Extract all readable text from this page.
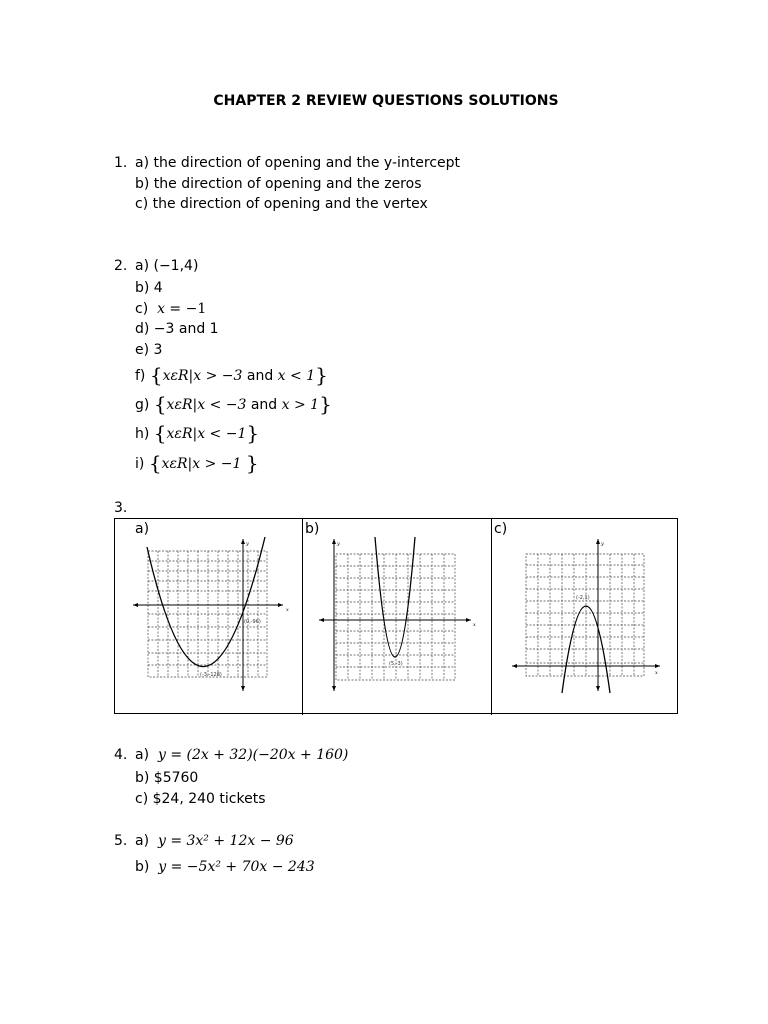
CHAPTER 2 REVIEW QUESTIONS SOLUTIONS
1. a) the direction of opening and the y-intercept
b) the direction of opening and the zeros
c) the direction of opening and the vertex
2. a) (−1,4)
b) 4
c) x = −1
d) −3 and 1
e) 3
f) {xεR|x > −3 and x < 1}
g) {xεR|x < −3 and x > 1}
h) {xεR|x < −1}
i) {xεR|x > −1 }
3.
a)
x
y
(-3,-128)
(0,-96)
b)
x
y
(5,-3)
c)
x
y
(-2,1)
4. a) y = (2x + 32)(−20x + 160)
b) $5760
c) $24, 240 tickets
5. a) y = 3x² + 12x − 96
b) y = −5x² + 70x − 243
